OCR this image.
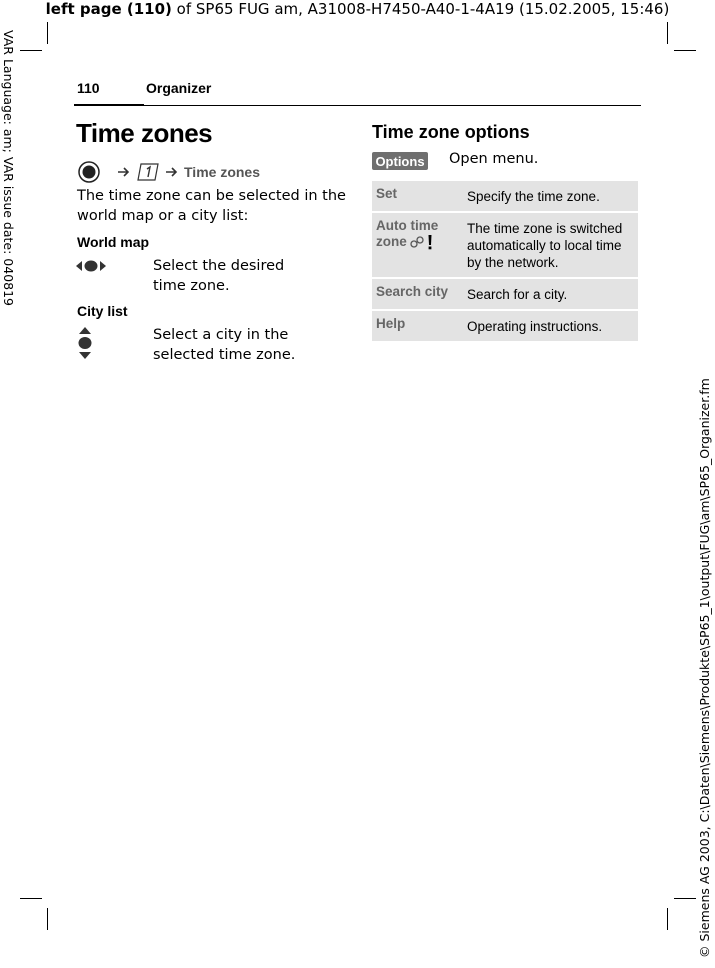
left page (110) of SP65 FUG am, A31008-H7450-A40-1-4A19 (15.02.2005, 15:46)
VAR Language: am; VAR issue date: 040819
© Siemens AG 2003, C:\Daten\Siemens\Produkte\SP65_1\output\FUG\am\SP65_Organizer.fm
110	Organizer
Time zones
Time zones
The time zone can be selected in the world map or a city list:
World map
Select the desired
time zone.
City list
Select a city in the
selected time zone.
Time zone options
Options Open menu.
Set	Specify the time zone.

Auto time
zone	The time zone is switched automatically to local time by the network.
Search city	Search for a city.
Help	Operating instructions.
